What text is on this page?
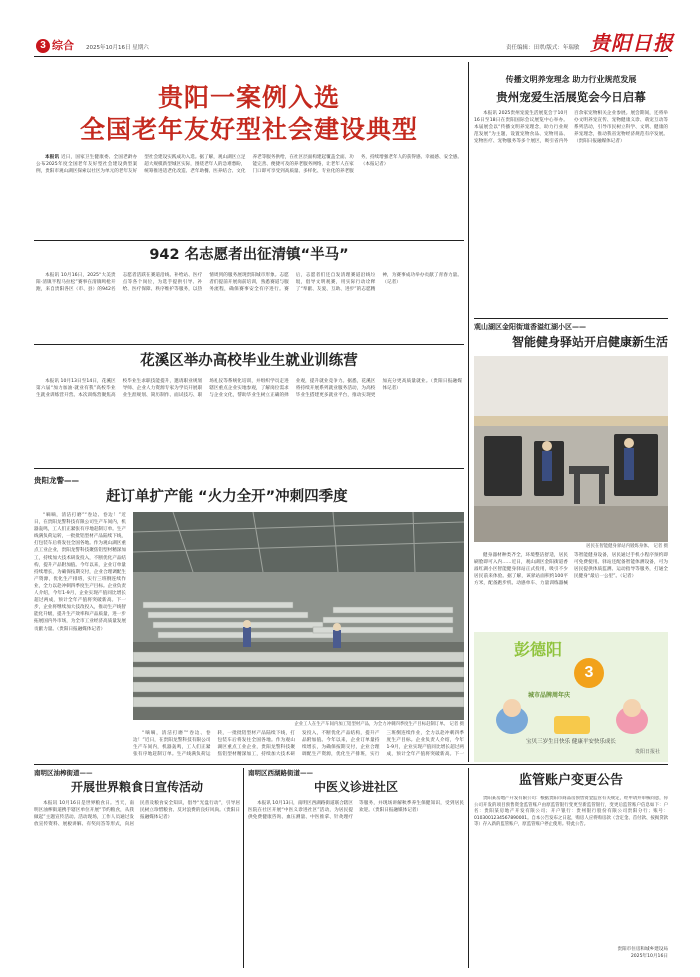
3 综合 2025年10月16日 星期六	责任编辑：田翠/版式：年瑞敏 贵阳日报
贵阳一案例入选
全国老年友好型社会建设典型

本报讯 近日，国家卫生健康委、全国老龄办公布2025年度全国老年友好型社会建设典型案例，贵阳市观山湖区探索以社区为单元的老年友好型社会建设实践成功入选。据了解，观山湖区立足超大规模新型城区实际，围绕老年人的急难愁盼，统筹推进适老化改造、老年助餐、医养结合、文化养老等服务供给，在社区层面构建起覆盖全面、功能完善、便捷可及的养老服务网络，让老年人在家门口即可享受到高质量、多样化、专业化的养老服务，持续增强老年人的获得感、幸福感、安全感。（本报记者）

942 名志愿者出征清镇“半马”

本报讯 10月16日，2025“大美贵阳·清镇半程马拉松”赛事在清镇鸣枪开跑，来自贵阳各区（市、县）的942名志愿者活跃在赛道沿线、补给站、医疗点等各个岗位，为选手提供引导、补给、医疗保障、秩序维护等服务，以热情周到的服务展现贵阳城市形象。志愿者们提前开展岗前培训，熟悉赛道与服务流程，确保赛事安全有序进行。赛后，志愿者们还自发清理赛道沿线垃圾，倡导文明观赛，用实际行动诠释了“奉献、友爱、互助、进步”的志愿精神，为赛事成功举办贡献了青春力量。（记者）

花溪区举办高校毕业生就业训练营

本报讯 10月13日至14日，花溪区第六届“加力加油·就业有我”高校毕业生就业训练营开营。本次训练营聚焦高校毕业生求职技能提升，邀请职业规划导师、企业人力资源专家为学员开展职业生涯规划、简历制作、面试技巧、职场礼仪等系统化培训，并组织学员走进辖区重点企业实地参观，了解岗位需求与企业文化，帮助毕业生树立正确的择业观，提升就业竞争力。据悉，花溪区将持续开展系列就业服务活动，为高校毕业生搭建更多就业平台，推动实现更加充分更高质量就业。（贵阳日报融媒体记者）

贵阳龙警——
赶订单扩产能 “火力全开”冲刺四季度

“嘀嘀，清洁打磨”“卷边、卷边！”近日，在贵阳龙警科技有限公司生产车间内，机器轰鸣，工人们正紧张有序地赶制订单。生产线满负荷运转，一批批铝型材产品陆续下线，打包装车后将发往全国各地。作为观山湖区重点工业企业，贵阳龙警科技聚焦铝型材精深加工，持续加大技术研发投入，不断优化产品结构，提升产品附加值。今年以来，企业订单量持续增长，为确保按期交付，企业合理调配生产资源，优化生产排班，实行三班倒连续作业，全力以赴冲刺四季度生产目标。企业负责人介绍，今年1-9月，企业实现产值同比增长超过两成，预计全年产值将突破新高。下一步，企业将继续加大技改投入，推动生产线智能化升级，提升生产效率和产品质量，进一步拓展国内外市场，为全市工业经济高质量发展贡献力量。（贵阳日报融媒体记者）

企业工人在生产车间内加工铝型材产品，为全力冲刺四季度生产目标赶制订单。 记者 摄

“嘀嘀，清洁打磨”“卷边、卷边！”近日，在贵阳龙警科技有限公司生产车间内，机器轰鸣，工人们正紧张有序地赶制订单。生产线满负荷运转，一批批铝型材产品陆续下线，打包装车后将发往全国各地。作为观山湖区重点工业企业，贵阳龙警科技聚焦铝型材精深加工，持续加大技术研发投入，不断优化产品结构，提升产品附加值。今年以来，企业订单量持续增长，为确保按期交付，企业合理调配生产资源，优化生产排班，实行三班倒连续作业，全力以赴冲刺四季度生产目标。企业负责人介绍，今年1-9月，企业实现产值同比增长超过两成，预计全年产值将突破新高。下一

传播文明养宠理念 助力行业规范发展
贵州宠爱生活展览会今日启幕

本报讯 2025贵州宠爱生活展览会于10月16日至18日在贵阳国际会议展览中心举办。本届展会以“传播文明养宠理念，助力行业规范发展”为主题，设置宠物食品、宠物用品、宠物医疗、宠物服务等多个展区，吸引省内外百余家宠物相关企业参展。展会期间，还将举办文明养宠宣传、宠物健康义诊、萌宠互动等系列活动，引导市民树立科学、文明、健康的养宠理念，推动我省宠物经济规范有序发展。（贵阳日报融媒体记者）

观山湖区金阳街道香溢红湖小区——
智能健身驿站开启健康新生活
居民在智能健身驿站内锻炼身体。 记者 摄

健身器材种类齐全，环境整洁舒适，居民刷脸即可入内……近日，观山湖区金阳街道香溢红湖小区智能健身驿站正式投用，吸引不少居民前来体验。据了解，该驿站面积约100平方米，配备跑步机、动感单车、力量训练器械等智能健身设备，居民通过手机小程序预约即可免费使用。驿站还配备智能体测设备，可为居民提供体质监测、运动指导等服务，打通全民健身“最后一公里”。（记者）

彭德阳
3
城市品牌周年庆
宝贝三岁生日快乐 健康平安快乐成长
贵阳日报社
南明区油榨街道——
开展世界粮食日宣传活动

本报讯 10月16日是世界粮食日。当天，南明区油榨街道携手辖区单位开展“节约粮食，从我做起”主题宣传活动。活动现场，工作人员通过发放宣传资料、展板讲解、有奖问答等形式，向居民普及粮食安全知识，倡导“光盘行动”，引导居民树立珍惜粮食、反对浪费的良好风尚。（贵阳日报融媒体记者）

南明区西湖路街道——
中医义诊进社区

本报讯 10月13日，南明区西湖路街道联合辖区医院在社区开展“中医义诊进社区”活动，为居民提供免费健康咨询、血压测量、中医推拿、针灸理疗等服务，并现场讲解秋季养生保健知识，受到居民欢迎。（贵阳日报融媒体记者）

监管账户变更公告

贵阳某房地产开发有限公司：根据贵阳市商品房预售资金监管有关规定，经申请并审核同意，你公司开发的项目预售资金监管账户由原监管银行变更至新监管银行，变更后监管账户信息如下：户名：贵阳某房地产开发有限公司；开户银行：贵州银行股份有限公司贵阳分行；账号：0103001234567890001。自本公告发布之日起，购房人应将购房款（含定金、首付款、按揭贷款等）存入新的监管账户，原监管账户停止使用。特此公告。

贵阳市住房和城乡建设局
2025年10月16日
